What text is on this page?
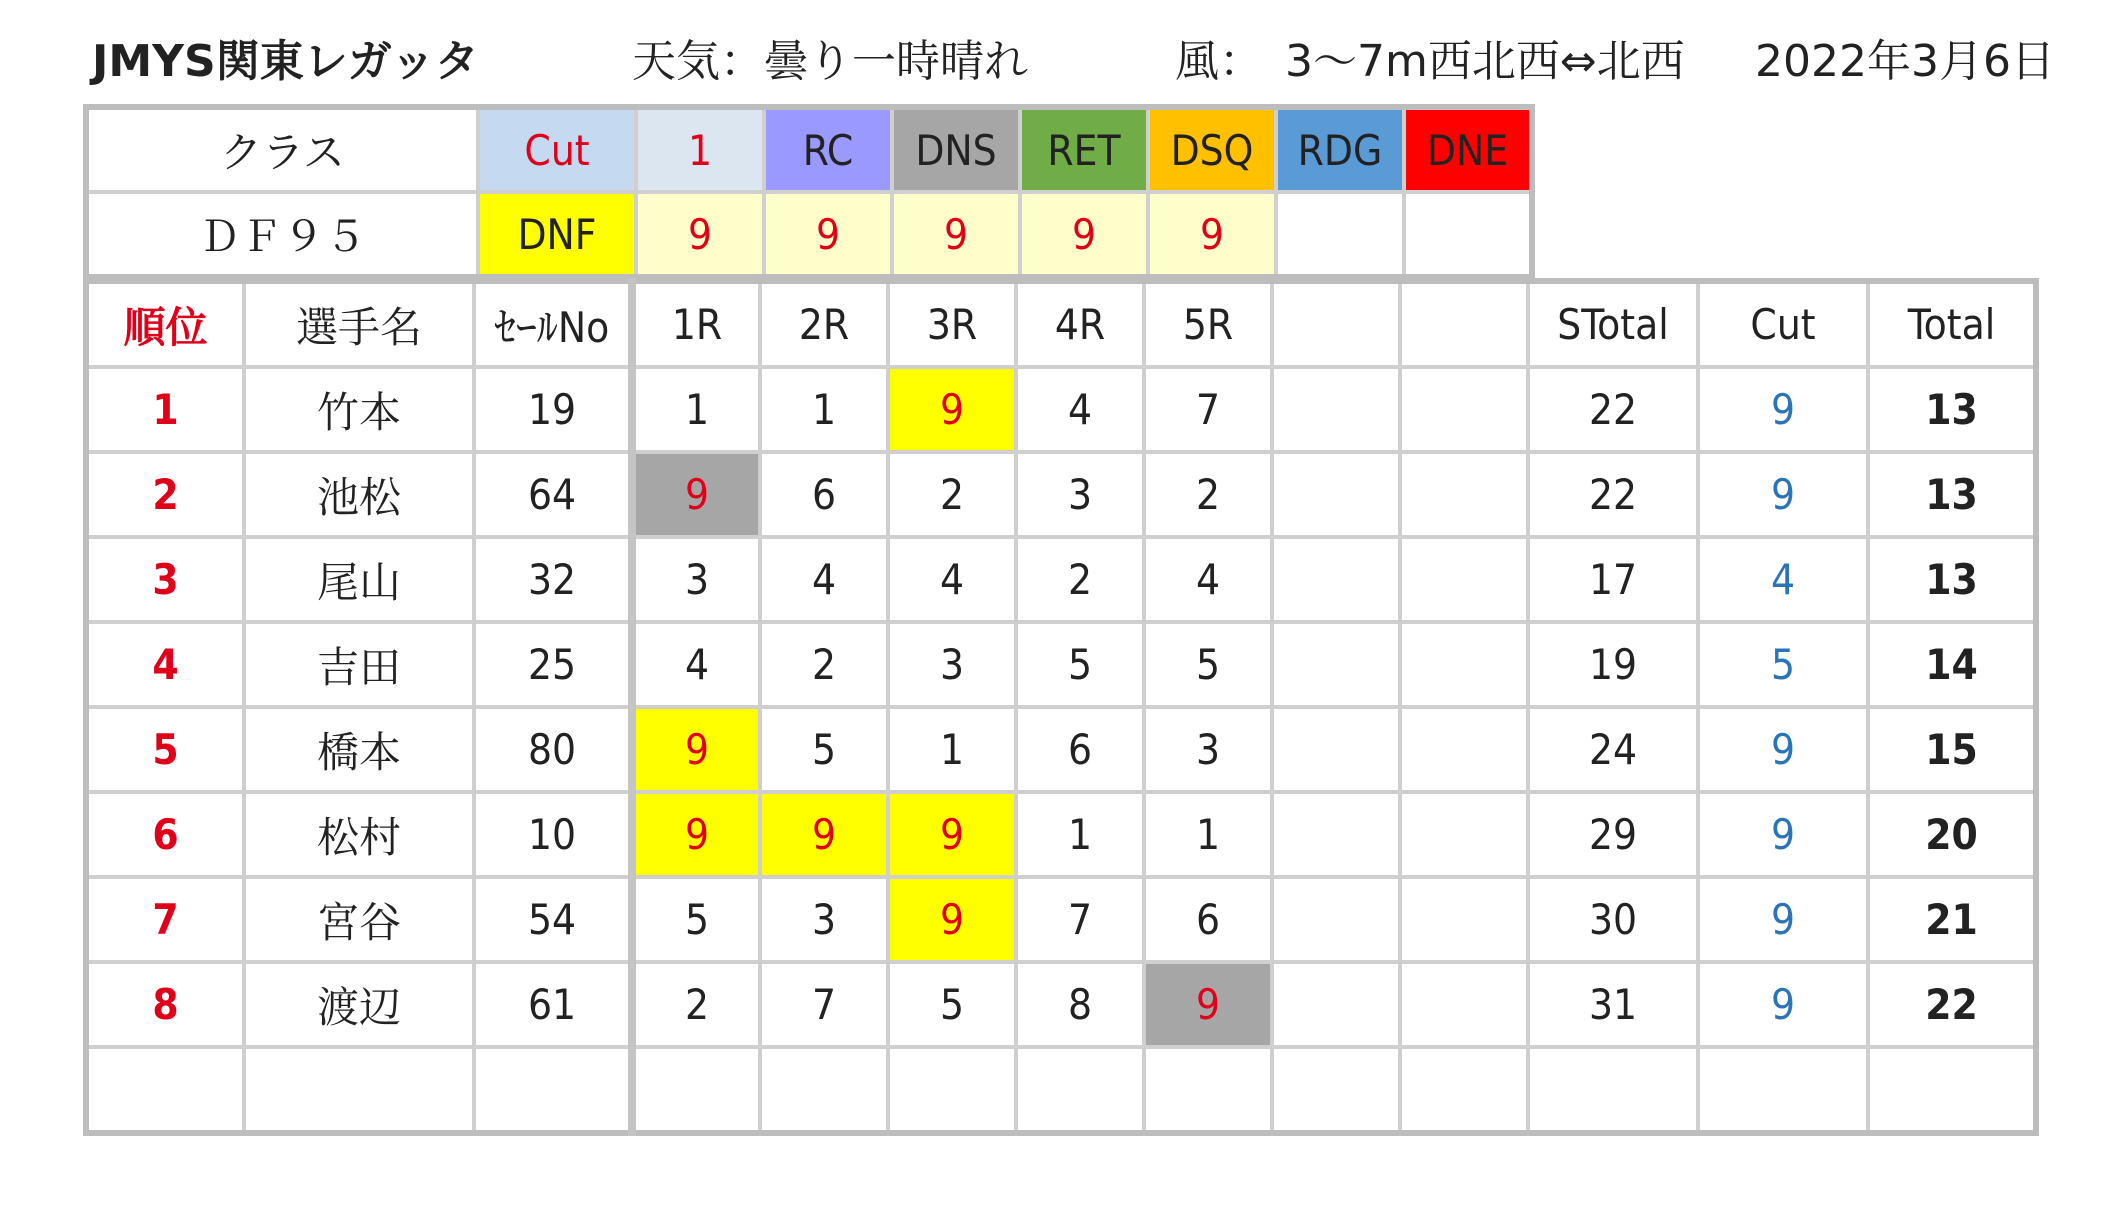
JMYS関東レガッタ	天気：曇り一時晴れ	風：　3～7m西北西⇔北西 2022年3月6日
クラス	Cut	1	RC	DNS	RET	DSQ	RDG	DNE
ＤＦ９５	DNF	9	9	9	9	9		
順位	選手名	ｾｰﾙNo	1R	2R	3R	4R	5R			STotal	Cut	Total
1	竹本	19	1	1	9	4	7			22	9	13
2	池松	64	9	6	2	3	2			22	9	13
3	尾山	32	3	4	4	2	4			17	4	13
4	吉田	25	4	2	3	5	5			19	5	14
5	橋本	80	9	5	1	6	3			24	9	15
6	松村	10	9	9	9	1	1			29	9	20
7	宮谷	54	5	3	9	7	6			30	9	21
8	渡辺	61	2	7	5	8	9			31	9	22
